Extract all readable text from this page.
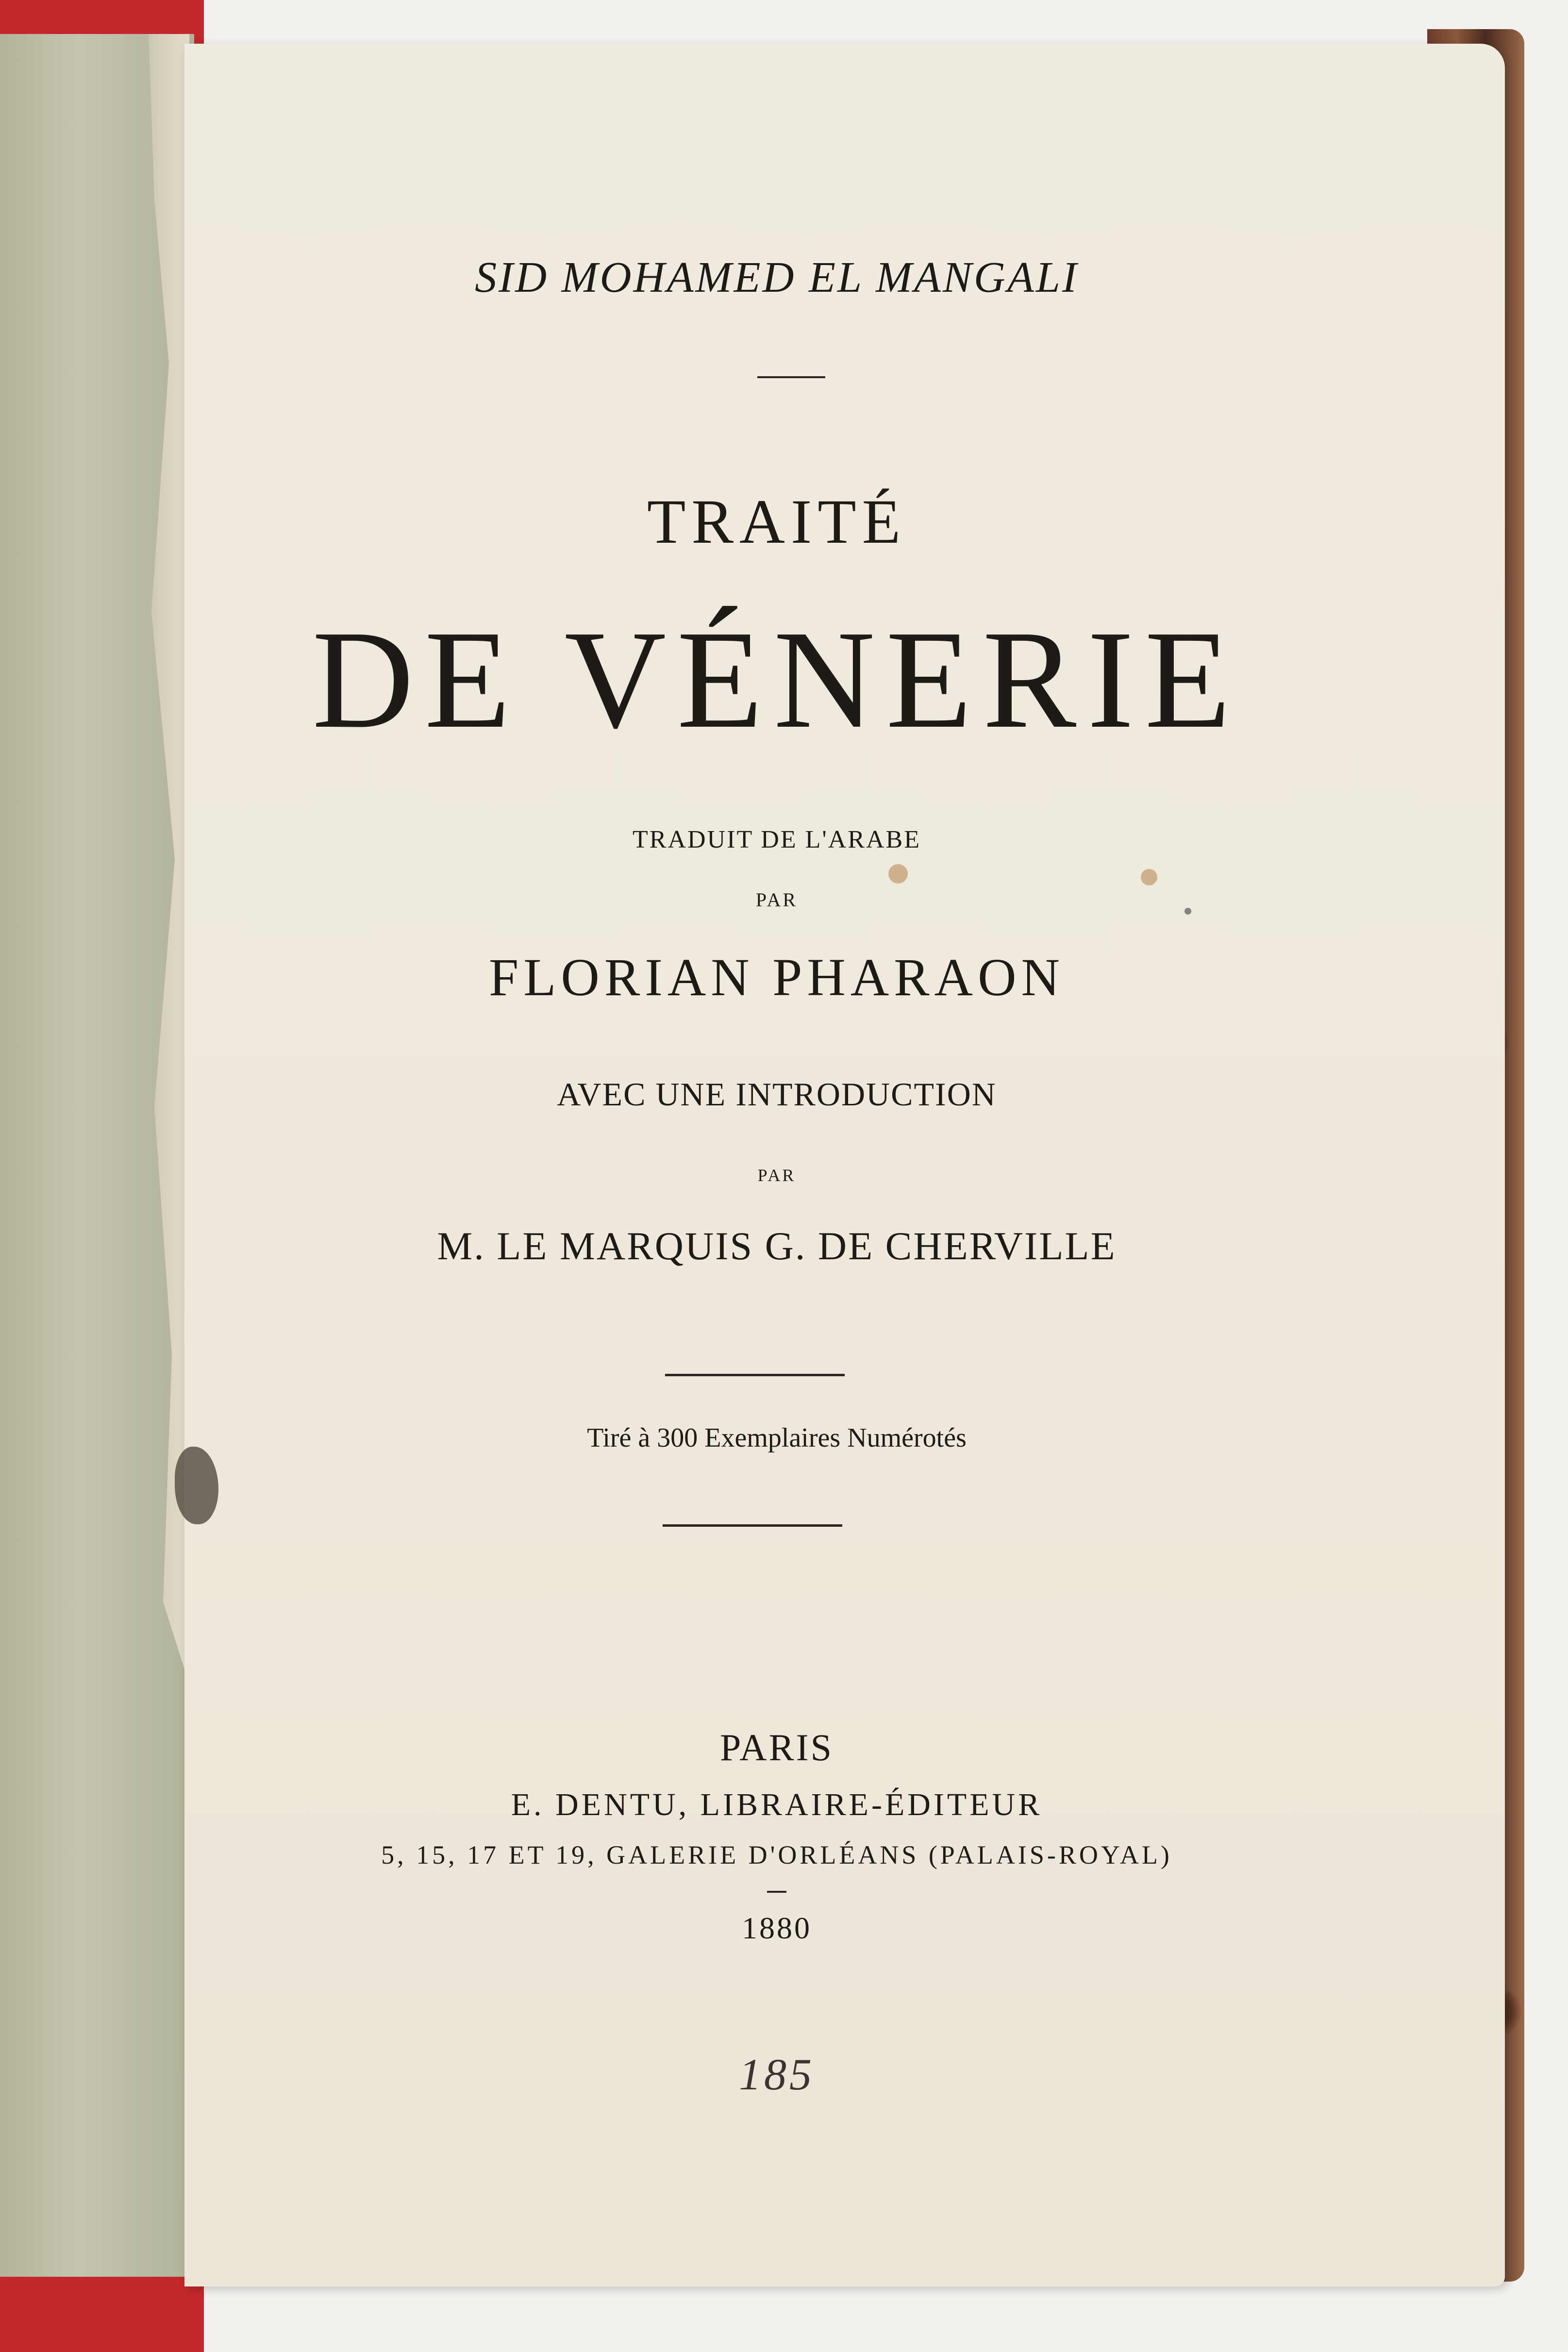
SID MOHAMED EL MANGALI
TRAITÉ
DE VÉNERIE
TRADUIT DE L'ARABE
PAR
FLORIAN PHARAON
AVEC UNE INTRODUCTION
PAR
M. LE MARQUIS G. DE CHERVILLE
Tiré à 300 Exemplaires Numérotés
PARIS
E. DENTU, LIBRAIRE-ÉDITEUR
5, 15, 17 ET 19, GALERIE D'ORLÉANS (PALAIS-ROYAL)
1880
185
